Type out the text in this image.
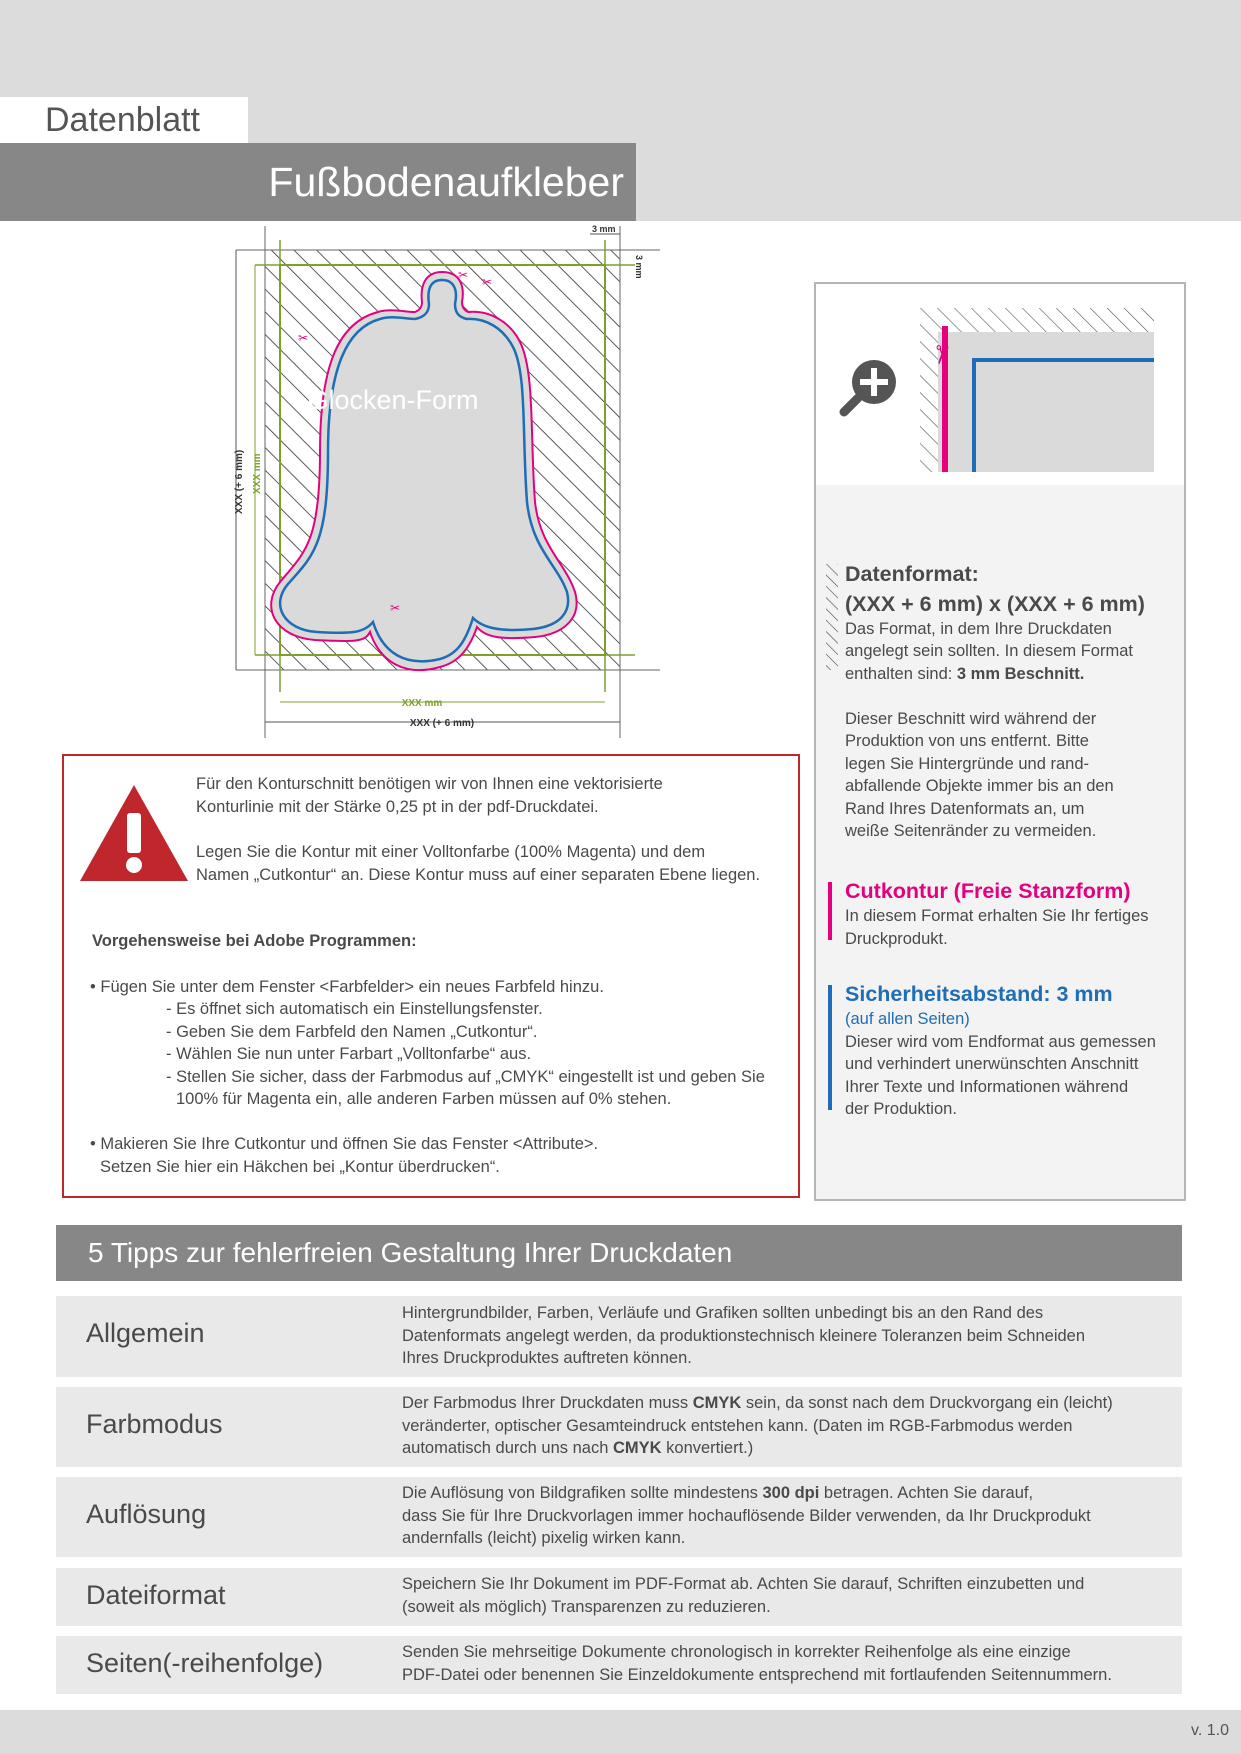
Datenblatt
Fußbodenaufkleber
✂
✂
✂
✂
Glocken-Form
3 mm
3 mm
XXX (+ 6 mm) XXX mm
XXX mm
XXX (+ 6 mm)
Für den Konturschnitt benötigen wir von Ihnen eine vektorisierte
Konturlinie mit der Stärke 0,25 pt in der pdf-Druckdatei.
Legen Sie die Kontur mit einer Volltonfarbe (100% Magenta) und dem
Namen „Cutkontur“ an. Diese Kontur muss auf einer separaten Ebene liegen.
Vorgehensweise bei Adobe Programmen:
• Fügen Sie unter dem Fenster <Farbfelder> ein neues Farbfeld hinzu.
- Es öffnet sich automatisch ein Einstellungsfenster.
- Geben Sie dem Farbfeld den Namen „Cutkontur“.
- Wählen Sie nun unter Farbart „Volltonfarbe“ aus.
- Stellen Sie sicher, dass der Farbmodus auf „CMYK“ eingestellt ist und geben Sie
100% für Magenta ein, alle anderen Farben müssen auf 0% stehen.
• Makieren Sie Ihre Cutkontur und öffnen Sie das Fenster <Attribute>.
Setzen Sie hier ein Häkchen bei „Kontur überdrucken“.
✂
Datenformat:
(XXX + 6 mm) x (XXX + 6 mm)
Das Format, in dem Ihre Druckdaten
angelegt sein sollten. In diesem Format
enthalten sind: 3 mm Beschnitt.
Dieser Beschnitt wird während der
Produktion von uns entfernt. Bitte
legen Sie Hintergründe und rand-
abfallende Objekte immer bis an den
Rand Ihres Datenformats an, um
weiße Seitenränder zu vermeiden.
Cutkontur (Freie Stanzform)
In diesem Format erhalten Sie Ihr fertiges
Druckprodukt.
Sicherheitsabstand: 3 mm
(auf allen Seiten)
Dieser wird vom Endformat aus gemessen
und verhindert unerwünschten Anschnitt
Ihrer Texte und Informationen während
der Produktion.
5 Tipps zur fehlerfreien Gestaltung Ihrer Druckdaten
Allgemein
Hintergrundbilder, Farben, Verläufe und Grafiken sollten unbedingt bis an den Rand des
Datenformats angelegt werden, da produktionstechnisch kleinere Toleranzen beim Schneiden
Ihres Druckproduktes auftreten können.
Farbmodus
Der Farbmodus Ihrer Druckdaten muss CMYK sein, da sonst nach dem Druckvorgang ein (leicht)
veränderter, optischer Gesamteindruck entstehen kann. (Daten im RGB-Farbmodus werden
automatisch durch uns nach CMYK konvertiert.)
Auflösung
Die Auflösung von Bildgrafiken sollte mindestens 300 dpi betragen. Achten Sie darauf,
dass Sie für Ihre Druckvorlagen immer hochauflösende Bilder verwenden, da Ihr Druckprodukt
andernfalls (leicht) pixelig wirken kann.
Dateiformat	Speichern Sie Ihr Dokument im PDF-Format ab. Achten Sie darauf, Schriften einzubetten und
(soweit als möglich) Transparenzen zu reduzieren.
Seiten(-reihenfolge)	Senden Sie mehrseitige Dokumente chronologisch in korrekter Reihenfolge als eine einzige
PDF-Datei oder benennen Sie Einzeldokumente entsprechend mit fortlaufenden Seitennummern.
v. 1.0
